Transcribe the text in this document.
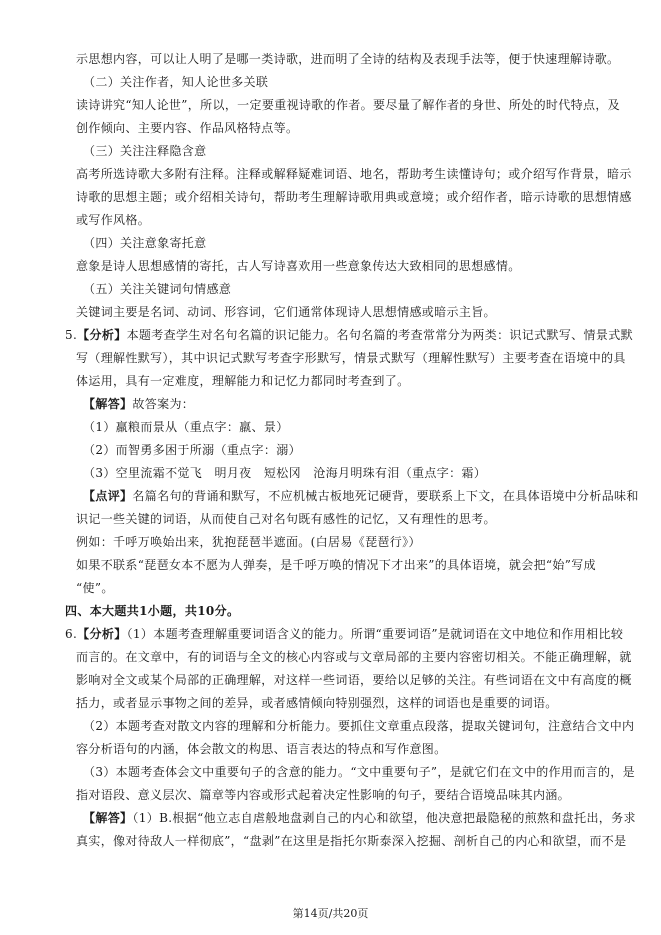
示思想内容，可以让人明了是哪一类诗歌，进而明了全诗的结构及表现手法等，便于快速理解诗歌。
（二）关注作者，知人论世多关联
读诗讲究“知人论世”，所以，一定要重视诗歌的作者。要尽量了解作者的身世、所处的时代特点，及
创作倾向、主要内容、作品风格特点等。
（三）关注注释隐含意
高考所选诗歌大多附有注释。注释或解释疑难词语、地名，帮助考生读懂诗句；或介绍写作背景，暗示
诗歌的思想主题；或介绍相关诗句，帮助考生理解诗歌用典或意境；或介绍作者，暗示诗歌的思想情感
或写作风格。
（四）关注意象寄托意
意象是诗人思想感情的寄托，古人写诗喜欢用一些意象传达大致相同的思想感情。
（五）关注关键词句情感意
关键词主要是名词、动词、形容词，它们通常体现诗人思想情感或暗示主旨。
5.【分析】本题考查学生对名句名篇的识记能力。名句名篇的考查常常分为两类：识记式默写、情景式默
写（理解性默写），其中识记式默写考查字形默写，情景式默写（理解性默写）主要考查在语境中的具
体运用，具有一定难度，理解能力和记忆力都同时考查到了。
【解答】故答案为：
（1）羸粮而景从（重点字：羸、景）
（2）而智勇多困于所溺（重点字：溺）
（3）空里流霜不觉飞　明月夜　短松冈　沧海月明珠有泪（重点字：霜）
【点评】名篇名句的背诵和默写，不应机械古板地死记硬背，要联系上下文，在具体语境中分析品味和
识记一些关键的词语，从而使自己对名句既有感性的记忆，又有理性的思考。
例如：千呼万唤始出来，犹抱琵琶半遮面。(白居易《琵琶行》）
如果不联系“琵琶女本不愿为人弹奏，是千呼万唤的情况下才出来”的具体语境，就会把“始”写成
“使”。
四、本大题共1小题，共10分。
6.【分析】（1）本题考查理解重要词语含义的能力。所谓“重要词语”是就词语在文中地位和作用相比较
而言的。在文章中，有的词语与全文的核心内容或与文章局部的主要内容密切相关。不能正确理解，就
影响对全文或某个局部的正确理解，对这样一些词语，要给以足够的关注。有些词语在文中有高度的概
括力，或者显示事物之间的差异，或者感情倾向特别强烈，这样的词语也是重要的词语。
（2）本题考查对散文内容的理解和分析能力。要抓住文章重点段落，提取关键词句，注意结合文中内
容分析语句的内涵，体会散文的构思、语言表达的特点和写作意图。
（3）本题考查体会文中重要句子的含意的能力。“文中重要句子”，是就它们在文中的作用而言的，是
指对语段、意义层次、篇章等内容或形式起着决定性影响的句子，要结合语境品味其内涵。
【解答】（1）B.根据“他立志自虐般地盘剥自己的内心和欲望，他决意把最隐秘的煎熬和盘托出，务求
真实，像对待敌人一样彻底”，“盘剥”在这里是指托尔斯泰深入挖掘、剖析自己的内心和欲望，而不是
第14页/共20页
